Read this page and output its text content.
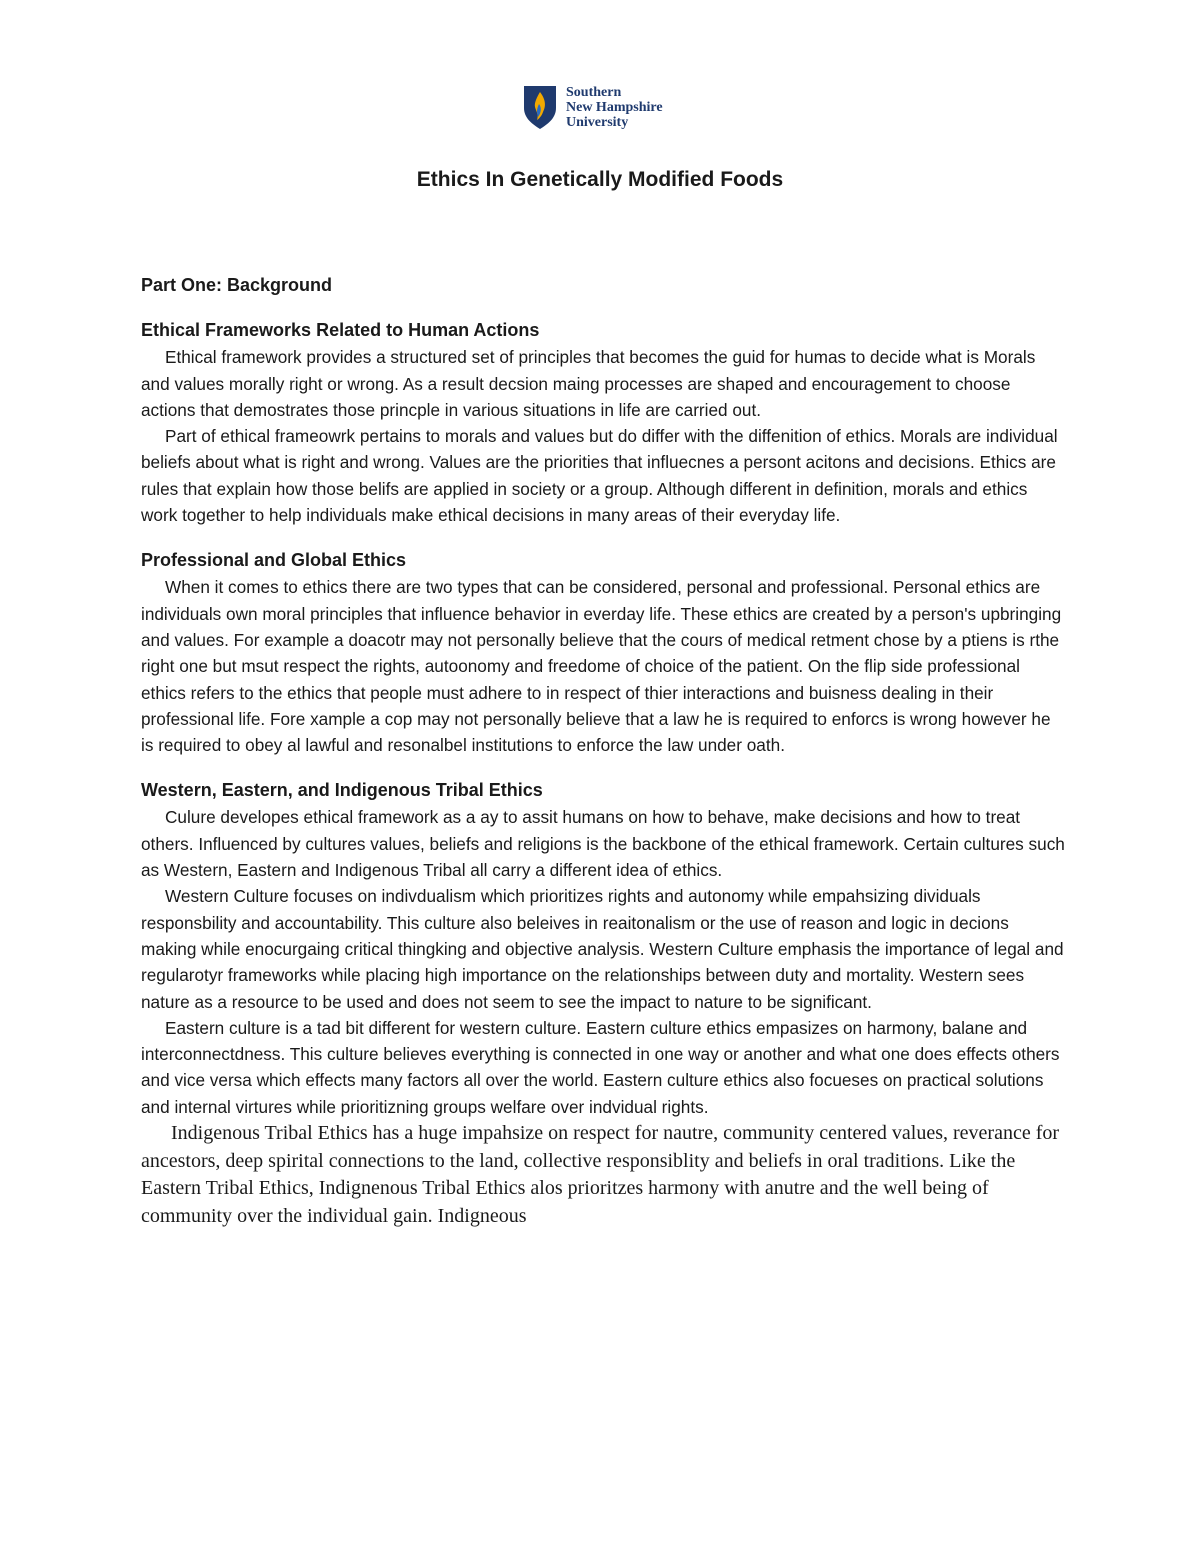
Southern
New Hampshire
University
Ethics In Genetically Modified Foods

Part One: Background

Ethical Frameworks Related to Human Actions

Ethical framework provides a structured set of principles that becomes the guid for humas to decide what is Morals and values morally right or wrong. As a result decsion maing processes are shaped and encouragement to choose actions that demostrates those princple in various situations in life are carried out.

Part of ethical frameowrk pertains to morals and values but do differ with the diffenition of ethics. Morals are individual beliefs about what is right and wrong. Values are the priorities that influecnes a persont acitons and decisions. Ethics are rules that explain how those belifs are applied in society or a group. Although different in definition, morals and ethics work together to help individuals make ethical decisions in many areas of their everyday life.

Professional and Global Ethics

When it comes to ethics there are two types that can be considered, personal and professional. Personal ethics are individuals own moral principles that influence behavior in everday life. These ethics are created by a person's upbringing and values. For example a doacotr may not personally believe that the cours of medical retment chose by a ptiens is rthe right one but msut respect the rights, autoonomy and freedome of choice of the patient. On the flip side professional ethics refers to the ethics that people must adhere to in respect of thier interactions and buisness dealing in their professional life. Fore xample a cop may not personally believe that a law he is required to enforcs is wrong however he is required to obey al lawful and resonalbel institutions to enforce the law under oath.

Western, Eastern, and Indigenous Tribal Ethics

Culure developes ethical framework as a ay to assit humans on how to behave, make decisions and how to treat others. Influenced by cultures values, beliefs and religions is the backbone of the ethical framework. Certain cultures such as Western, Eastern and Indigenous Tribal all carry a different idea of ethics.

Western Culture focuses on indivdualism which prioritizes rights and autonomy while empahsizing dividuals responsbility and accountability. This culture also beleives in reaitonalism or the use of reason and logic in decions making while enocurgaing critical thingking and objective analysis. Western Culture emphasis the importance of legal and regularotyr frameworks while placing high importance on the relationships between duty and mortality. Western sees nature as a resource to be used and does not seem to see the impact to nature to be significant.

Eastern culture is a tad bit different for western culture. Eastern culture ethics empasizes on harmony, balane and interconnectdness. This culture believes everything is connected in one way or another and what one does effects others and vice versa which effects many factors all over the world. Eastern culture ethics also focueses on practical solutions and internal virtures while prioritizning groups welfare over indvidual rights.

Indigenous Tribal Ethics has a huge impahsize on respect for nautre, community centered values, reverance for ancestors, deep spirital connections to the land, collective responsiblity and beliefs in oral traditions. Like the Eastern Tribal Ethics, Indignenous Tribal Ethics alos prioritzes harmony with anutre and the well being of community over the individual gain. Indigneous
